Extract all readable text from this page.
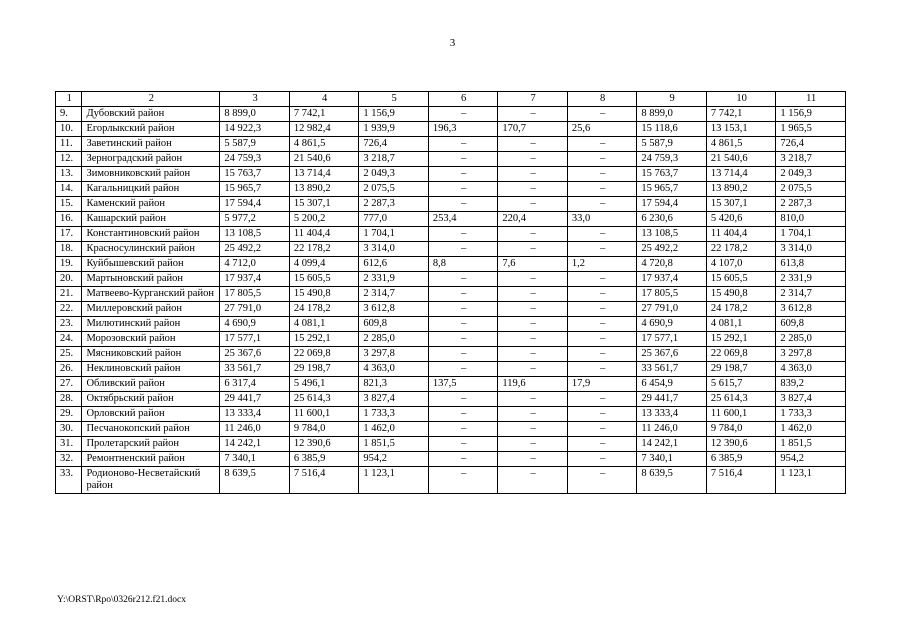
3
1	2	3	4	5	6	7	8	9	10	11
9.	Дубовский район	8 899,0	7 742,1	1 156,9	–	–	–	8 899,0	7 742,1	1 156,9
10.	Егорлыкский район	14 922,3	12 982,4	1 939,9	196,3	170,7	25,6	15 118,6	13 153,1	1 965,5
11.	Заветинский район	5 587,9	4 861,5	726,4	–	–	–	5 587,9	4 861,5	726,4
12.	Зерноградский район	24 759,3	21 540,6	3 218,7	–	–	–	24 759,3	21 540,6	3 218,7
13.	Зимовниковский район	15 763,7	13 714,4	2 049,3	–	–	–	15 763,7	13 714,4	2 049,3
14.	Кагальницкий район	15 965,7	13 890,2	2 075,5	–	–	–	15 965,7	13 890,2	2 075,5
15.	Каменский район	17 594,4	15 307,1	2 287,3	–	–	–	17 594,4	15 307,1	2 287,3
16.	Кашарский район	5 977,2	5 200,2	777,0	253,4	220,4	33,0	6 230,6	5 420,6	810,0
17.	Константиновский район	13 108,5	11 404,4	1 704,1	–	–	–	13 108,5	11 404,4	1 704,1
18.	Красносулинский район	25 492,2	22 178,2	3 314,0	–	–	–	25 492,2	22 178,2	3 314,0
19.	Куйбышевский район	4 712,0	4 099,4	612,6	8,8	7,6	1,2	4 720,8	4 107,0	613,8
20.	Мартыновский район	17 937,4	15 605,5	2 331,9	–	–	–	17 937,4	15 605,5	2 331,9
21.	Матвеево-Курганский район	17 805,5	15 490,8	2 314,7	–	–	–	17 805,5	15 490,8	2 314,7
22.	Миллеровский район	27 791,0	24 178,2	3 612,8	–	–	–	27 791,0	24 178,2	3 612,8
23.	Милютинский район	4 690,9	4 081,1	609,8	–	–	–	4 690,9	4 081,1	609,8
24.	Морозовский район	17 577,1	15 292,1	2 285,0	–	–	–	17 577,1	15 292,1	2 285,0
25.	Мясниковский район	25 367,6	22 069,8	3 297,8	–	–	–	25 367,6	22 069,8	3 297,8
26.	Неклиновский район	33 561,7	29 198,7	4 363,0	–	–	–	33 561,7	29 198,7	4 363,0
27.	Обливский район	6 317,4	5 496,1	821,3	137,5	119,6	17,9	6 454,9	5 615,7	839,2
28.	Октябрьский район	29 441,7	25 614,3	3 827,4	–	–	–	29 441,7	25 614,3	3 827,4
29.	Орловский район	13 333,4	11 600,1	1 733,3	–	–	–	13 333,4	11 600,1	1 733,3
30.	Песчанокопский район	11 246,0	9 784,0	1 462,0	–	–	–	11 246,0	9 784,0	1 462,0
31.	Пролетарский район	14 242,1	12 390,6	1 851,5	–	–	–	14 242,1	12 390,6	1 851,5
32.	Ремонтненский район	7 340,1	6 385,9	954,2	–	–	–	7 340,1	6 385,9	954,2
33.	Родионово-Несветайский район	8 639,5	7 516,4	1 123,1	–	–	–	8 639,5	7 516,4	1 123,1
Y:\ORST\Rpo\0326r212.f21.docx
